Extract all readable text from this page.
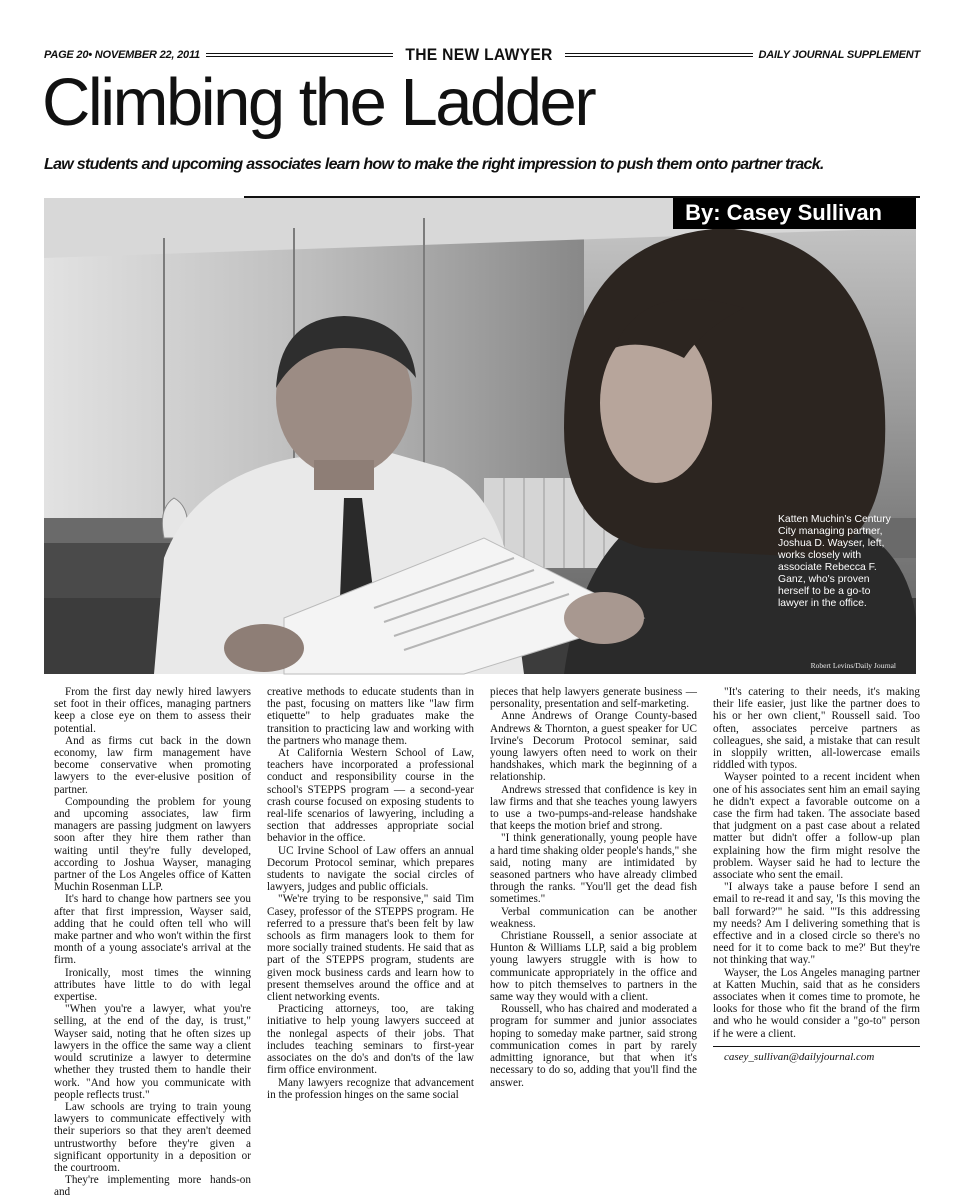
PAGE 20• NOVEMBER 22, 2011	THE NEW LAWYER	DAILY JOURNAL SUPPLEMENT
Climbing the Ladder
Law students and upcoming associates learn how to make the right impression to push them onto partner track.
By: Casey Sullivan
Katten Muchin's Century City managing partner, Joshua D. Wayser, left, works closely with associate Rebecca F. Ganz, who's proven herself to be a go-to lawyer in the office.
Robert Levins/Daily Journal

From the first day newly hired lawyers set foot in their offices, managing partners keep a close eye on them to assess their potential.

And as firms cut back in the down economy, law firm management have become conservative when promoting lawyers to the ever-elusive position of partner.

Compounding the problem for young and upcoming associates, law firm managers are passing judgment on lawyers soon after they hire them rather than waiting until they're fully developed, according to Joshua Wayser, managing partner of the Los Angeles office of Katten Muchin Rosenman LLP.

It's hard to change how partners see you after that first impression, Wayser said, adding that he could often tell who will make partner and who won't within the first month of a young associate's arrival at the firm.

Ironically, most times the winning attributes have little to do with legal expertise.

"When you're a lawyer, what you're selling, at the end of the day, is trust," Wayser said, noting that he often sizes up lawyers in the office the same way a client would scrutinize a lawyer to determine whether they trusted them to handle their work. "And how you communicate with people reflects trust."

Law schools are trying to train young lawyers to communicate effectively with their superiors so that they aren't deemed untrustworthy before they're given a significant opportunity in a deposition or the courtroom.

They're implementing more hands-on and

creative methods to educate students than in the past, focusing on matters like "law firm etiquette" to help graduates make the transition to practicing law and working with the partners who manage them.

At California Western School of Law, teachers have incorporated a professional conduct and responsibility course in the school's STEPPS program — a second-year crash course focused on exposing students to real-life scenarios of lawyering, including a section that addresses appropriate social behavior in the office.

UC Irvine School of Law offers an annual Decorum Protocol seminar, which prepares students to navigate the social circles of lawyers, judges and public officials.

"We're trying to be responsive," said Tim Casey, professor of the STEPPS program. He referred to a pressure that's been felt by law schools as firm managers look to them for more socially trained students. He said that as part of the STEPPS program, students are given mock business cards and learn how to present themselves around the office and at client networking events.

Practicing attorneys, too, are taking initiative to help young lawyers succeed at the nonlegal aspects of their jobs. That includes teaching seminars to first-year associates on the do's and don'ts of the law firm office environment.

Many lawyers recognize that advancement in the profession hinges on the same social

pieces that help lawyers generate business — personality, presentation and self-marketing.

Anne Andrews of Orange County-based Andrews & Thornton, a guest speaker for UC Irvine's Decorum Protocol seminar, said young lawyers often need to work on their handshakes, which mark the beginning of a relationship.

Andrews stressed that confidence is key in law firms and that she teaches young lawyers to use a two-pumps-and-release handshake that keeps the motion brief and strong.

"I think generationally, young people have a hard time shaking older people's hands," she said, noting many are intimidated by seasoned partners who have already climbed through the ranks. "You'll get the dead fish sometimes."

Verbal communication can be another weakness.

Christiane Roussell, a senior associate at Hunton & Williams LLP, said a big problem young lawyers struggle with is how to communicate appropriately in the office and how to pitch themselves to partners in the same way they would with a client.

Roussell, who has chaired and moderated a program for summer and junior associates hoping to someday make partner, said strong communication comes in part by rarely admitting ignorance, but that when it's necessary to do so, adding that you'll find the answer.

"It's catering to their needs, it's making their life easier, just like the partner does to his or her own client," Roussell said. Too often, associates perceive partners as colleagues, she said, a mistake that can result in sloppily written, all-lowercase emails riddled with typos.

Wayser pointed to a recent incident when one of his associates sent him an email saying he didn't expect a favorable outcome on a case the firm had taken. The associate based that judgment on a past case about a related matter but didn't offer a follow-up plan explaining how the firm might resolve the problem. Wayser said he had to lecture the associate who sent the email.

"I always take a pause before I send an email to re-read it and say, 'Is this moving the ball forward?'" he said. "'Is this addressing my needs? Am I delivering something that is effective and in a closed circle so there's no need for it to come back to me?' But they're not thinking that way."

Wayser, the Los Angeles managing partner at Katten Muchin, said that as he considers associates when it comes time to promote, he looks for those who fit the brand of the firm and who he would consider a "go-to" person if he were a client.

casey_sullivan@dailyjournal.com
